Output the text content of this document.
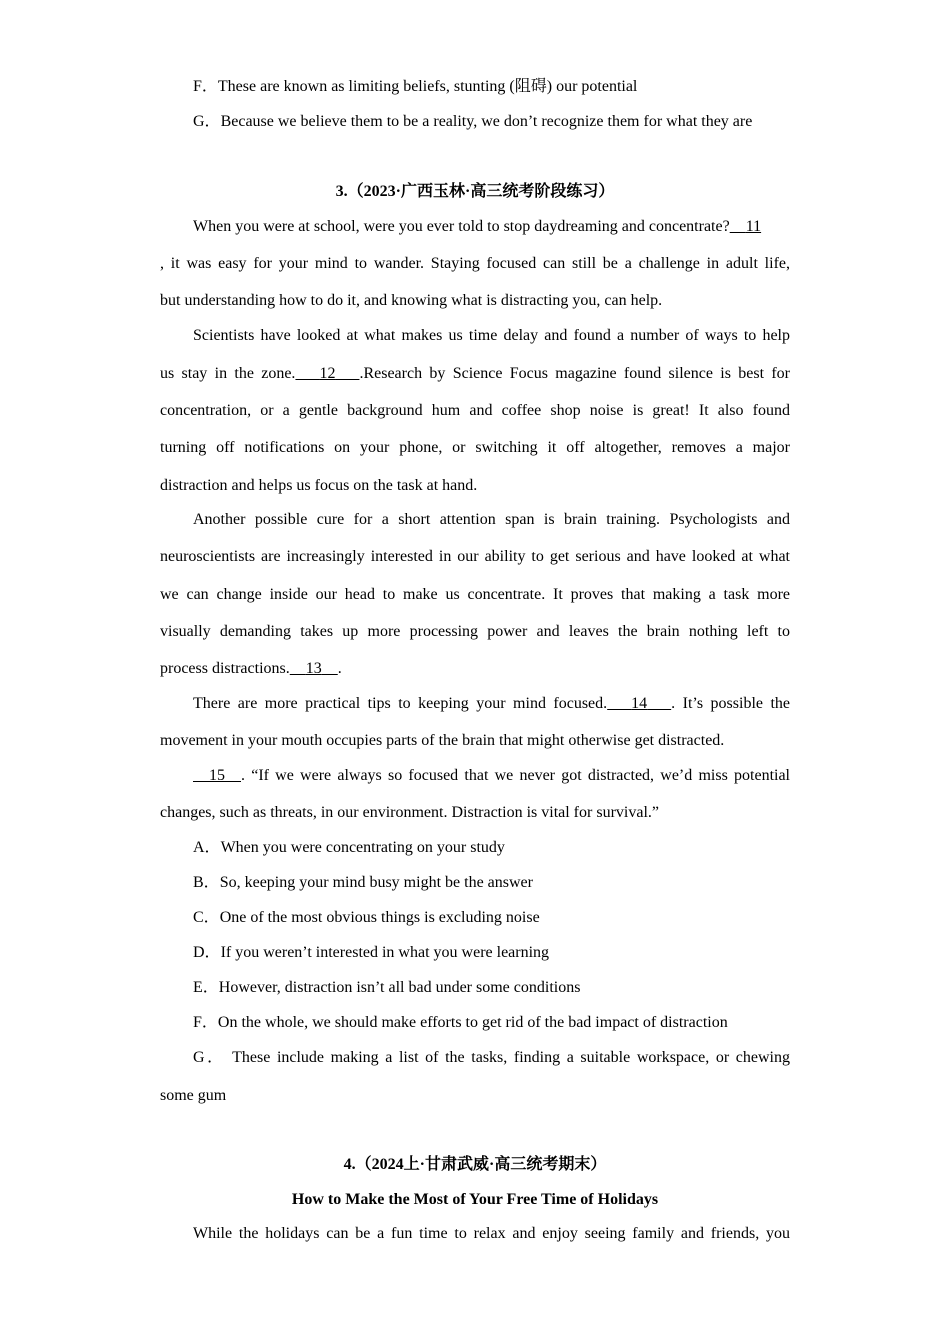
F．These are known as limiting beliefs, stunting (阻碍) our potential
G．Because we believe them to be a reality, we don’t recognize them for what they are
3.（2023·广西玉林·高三统考阶段练习）
When you were at school, were you ever told to stop daydreaming and concentrate?   11
, it was easy for your mind to wander. Staying focused can still be a challenge in adult life,
but understanding how to do it, and knowing what is distracting you, can help.
Scientists have looked at what makes us time delay and found a number of ways to help
us stay in the zone.    12    .Research by Science Focus magazine found silence is best for
concentration, or a gentle background hum and coffee shop noise is great! It also found
turning off notifications on your phone, or switching it off altogether, removes a major
distraction and helps us focus on the task at hand.
Another possible cure for a short attention span is brain training. Psychologists and
neuroscientists are increasingly interested in our ability to get serious and have looked at what
we can change inside our head to make us concentrate. It proves that making a task more
visually demanding takes up more processing power and leaves the brain nothing left to
process distractions.   13   .
There are more practical tips to keeping your mind focused.    14    . It’s possible the
movement in your mouth occupies parts of the brain that might otherwise get distracted.
  15   . “If we were always so focused that we never got distracted, we’d miss potential
changes, such as threats, in our environment. Distraction is vital for survival.”
A．When you were concentrating on your study
B．So, keeping your mind busy might be the answer
C．One of the most obvious things is excluding noise
D．If you weren’t interested in what you were learning
E．However, distraction isn’t all bad under some conditions
F．On the whole, we should make efforts to get rid of the bad impact of distraction
G． These include making a list of the tasks, finding a suitable workspace, or chewing
some gum
4.（2024上·甘肃武威·高三统考期末）
How to Make the Most of Your Free Time of Holidays
While the holidays can be a fun time to relax and enjoy seeing family and friends, you
